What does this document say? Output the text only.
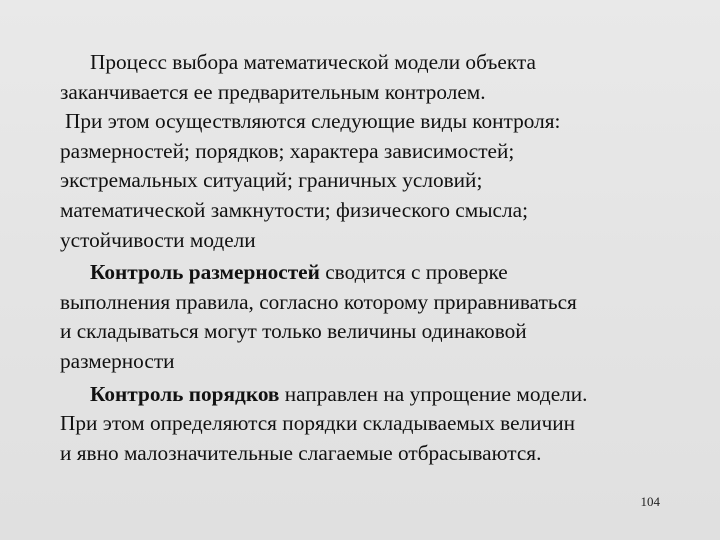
Процесс выбора математической модели объекта
заканчивается ее предварительным контролем.
При этом осуществляются следующие виды контроля:
размерностей; порядков; характера зависимостей;
экстремальных ситуаций; граничных условий;
математической замкнутости; физического смысла;
устойчивости модели
Контроль размерностей сводится с проверке
выполнения правила, согласно которому приравниваться
и складываться могут только величины одинаковой
размерности
Контроль порядков направлен на упрощение модели.
При этом определяются порядки складываемых величин
и явно малозначительные слагаемые отбрасываются.
104
